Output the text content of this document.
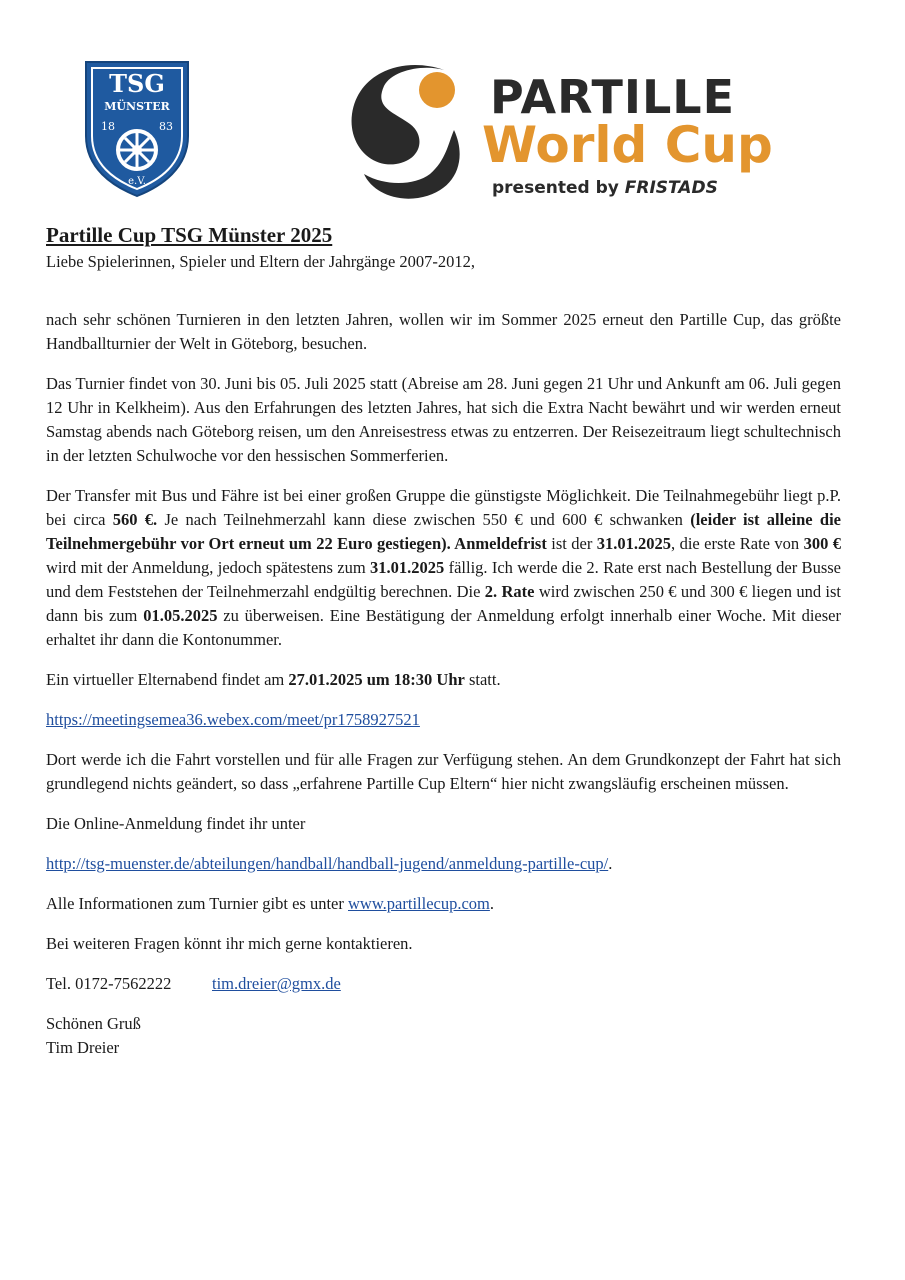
TSG
MÜNSTER
18	83
e.V.
PARTILLE
World Cup
presented by FRISTADS

Partille Cup TSG Münster 2025

Liebe Spielerinnen, Spieler und Eltern der Jahrgänge 2007-2012,

nach sehr schönen Turnieren in den letzten Jahren, wollen wir im Sommer 2025 erneut den Partille Cup, das größte Handballturnier der Welt in Göteborg, besuchen.

Das Turnier findet von 30. Juni bis 05. Juli 2025 statt (Abreise am 28. Juni gegen 21 Uhr und Ankunft am 06. Juli gegen 12 Uhr in Kelkheim). Aus den Erfahrungen des letzten Jahres, hat sich die Extra Nacht bewährt und wir werden erneut Samstag abends nach Göteborg reisen, um den Anreisestress etwas zu entzerren. Der Reisezeitraum liegt schultechnisch in der letzten Schulwoche vor den hessischen Sommerferien.

Der Transfer mit Bus und Fähre ist bei einer großen Gruppe die günstigste Möglichkeit. Die Teilnahmegebühr liegt p.P. bei circa 560 €. Je nach Teilnehmerzahl kann diese zwischen 550 € und 600 € schwanken (leider ist alleine die Teilnehmergebühr vor Ort erneut um 22 Euro gestiegen). Anmeldefrist ist der 31.01.2025, die erste Rate von 300 € wird mit der Anmeldung, jedoch spätestens zum 31.01.2025 fällig. Ich werde die 2. Rate erst nach Bestellung der Busse und dem Feststehen der Teilnehmerzahl endgültig berechnen. Die 2. Rate wird zwischen 250 € und 300 € liegen und ist dann bis zum 01.05.2025 zu überweisen. Eine Bestätigung der Anmeldung erfolgt innerhalb einer Woche. Mit dieser erhaltet ihr dann die Kontonummer.

Ein virtueller Elternabend findet am 27.01.2025 um 18:30 Uhr statt.

https://meetingsemea36.webex.com/meet/pr1758927521

Dort werde ich die Fahrt vorstellen und für alle Fragen zur Verfügung stehen. An dem Grundkonzept der Fahrt hat sich grundlegend nichts geändert, so dass „erfahrene Partille Cup Eltern“ hier nicht zwangsläufig erscheinen müssen.

Die Online-Anmeldung findet ihr unter

http://tsg-muenster.de/abteilungen/handball/handball-jugend/anmeldung-partille-cup/.

Alle Informationen zum Turnier gibt es unter www.partillecup.com.

Bei weiteren Fragen könnt ihr mich gerne kontaktieren.

Tel. 0172-7562222	tim.dreier@gmx.de

Schönen Gruß

Tim Dreier
